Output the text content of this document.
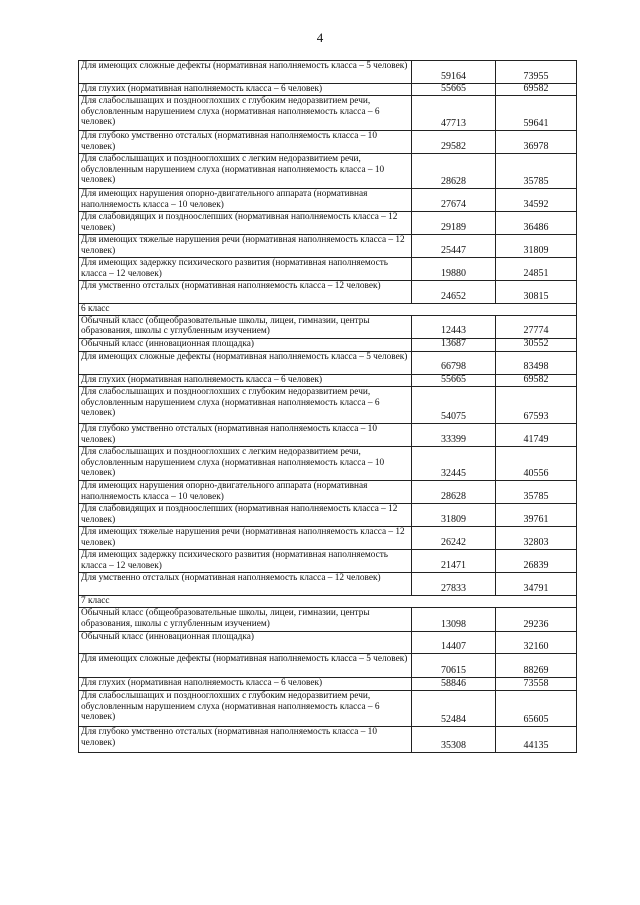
4
Для имеющих сложные дефекты (нормативная наполняемость класса – 5 человек)	59164	73955
Для глухих (нормативная наполняемость класса – 6 человек)	55665	69582
Для слабослышащих и позднооглохших с глубоким недоразвитием речи, обусловленным нарушением слуха (нормативная наполняемость класса – 6 человек)	47713	59641
Для глубоко умственно отсталых (нормативная наполняемость класса – 10 человек)	29582	36978
Для слабослышащих и позднооглохших с легким недоразвитием речи, обусловленным нарушением слуха (нормативная наполняемость класса – 10 человек)	28628	35785
Для имеющих нарушения опорно-двигательного аппарата (нормативная наполняемость класса – 10 человек)	27674	34592
Для слабовидящих и поздноослепших (нормативная наполняемость класса – 12 человек)	29189	36486
Для имеющих тяжелые нарушения речи (нормативная наполняемость класса – 12 человек)	25447	31809
Для имеющих задержку психического развития (нормативная наполняемость класса – 12 человек)	19880	24851
Для умственно отсталых (нормативная наполняемость класса – 12 человек)	24652	30815
6 класс		
Обычный класс (общеобразовательные школы, лицеи, гимназии, центры образования, школы с углубленным изучением)	12443	27774
Обычный класс (инновационная площадка)	13687	30552
Для имеющих сложные дефекты (нормативная наполняемость класса – 5 человек)	66798	83498
Для глухих (нормативная наполняемость класса – 6 человек)	55665	69582
Для слабослышащих и позднооглохших с глубоким недоразвитием речи, обусловленным нарушением слуха (нормативная наполняемость класса – 6 человек)	54075	67593
Для глубоко умственно отсталых (нормативная наполняемость класса – 10 человек)	33399	41749
Для слабослышащих и позднооглохших с легким недоразвитием речи, обусловленным нарушением слуха (нормативная наполняемость класса – 10 человек)	32445	40556
Для имеющих нарушения опорно-двигательного аппарата (нормативная наполняемость класса – 10 человек)	28628	35785
Для слабовидящих и поздноослепших (нормативная наполняемость класса – 12 человек)	31809	39761
Для имеющих тяжелые нарушения речи (нормативная наполняемость класса – 12 человек)	26242	32803
Для имеющих задержку психического развития (нормативная наполняемость класса – 12 человек)	21471	26839
Для умственно отсталых (нормативная наполняемость класса – 12 человек)	27833	34791
7 класс		
Обычный класс (общеобразовательные школы, лицеи, гимназии, центры образования, школы с углубленным изучением)	13098	29236
Обычный класс (инновационная площадка)	14407	32160
Для имеющих сложные дефекты (нормативная наполняемость класса – 5 человек)	70615	88269
Для глухих (нормативная наполняемость класса – 6 человек)	58846	73558
Для слабослышащих и позднооглохших с глубоким недоразвитием речи, обусловленным нарушением слуха (нормативная наполняемость класса – 6 человек)	52484	65605
Для глубоко умственно отсталых (нормативная наполняемость класса – 10 человек)	35308	44135
